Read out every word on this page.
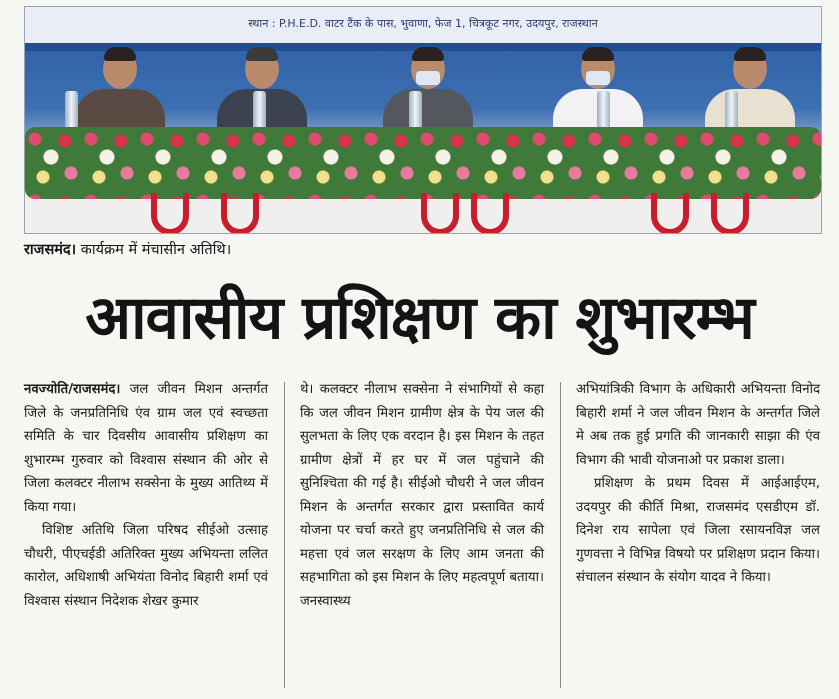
स्थान : P.H.E.D. वाटर टैंक के पास, भुवाणा, फेज 1, चित्रकूट नगर, उदयपुर, राजस्थान
राजसमंद। कार्यक्रम में मंचासीन अतिथि।
आवासीय प्रशिक्षण का शुभारम्भ

नवज्योति/राजसमंद। जल जीवन मिशन अन्तर्गत जिले के जनप्रतिनिधि एंव ग्राम जल एवं स्वच्छता समिति के चार दिवसीय आवासीय प्रशिक्षण का शुभारम्भ गुरुवार को विश्वास संस्थान की ओर से जिला कलक्टर नीलाभ सक्सेना के मुख्य आतिथ्य में किया गया।

विशिष्ट अतिथि जिला परिषद सीईओ उत्साह चौधरी, पीएचईडी अतिरिक्त मुख्य अभियन्ता ललित कारोल, अधिशाषी अभियंता विनोद बिहारी शर्मा एवं विश्वास संस्थान निदेशक शेखर कुमार

थे। कलक्टर नीलाभ सक्सेना ने संभागियों से कहा कि जल जीवन मिशन ग्रामीण क्षेत्र के पेय जल की सुलभता के लिए एक वरदान है। इस मिशन के तहत ग्रामीण क्षेत्रों में हर घर में जल पहुंचाने की सुनिश्चिता की गई है। सीईओ चौधरी ने जल जीवन मिशन के अन्तर्गत सरकार द्वारा प्रस्तावित कार्य योजना पर चर्चा करते हुए जनप्रतिनिधि से जल की महत्ता एवं जल सरक्षण के लिए आम जनता की सहभागिता को इस मिशन के लिए महत्वपूर्ण बताया। जनस्वास्थ्य

अभियांत्रिकी विभाग के अधिकारी अभियन्ता विनोद बिहारी शर्मा ने जल जीवन मिशन के अन्तर्गत जिले मे अब तक हुई प्रगति की जानकारी साझा की एंव विभाग की भावी योजनाओ पर प्रकाश डाला।

प्रशिक्षण के प्रथम दिवस में आईआईएम, उदयपुर की कीर्ति मिश्रा, राजसमंद एसडीएम डॉ. दिनेश राय सापेला एवं जिला रसायनविज्ञ जल गुणवत्ता ने विभिन्न विषयो पर प्रशिक्षण प्रदान किया। संचालन संस्थान के संयोग यादव ने किया।
